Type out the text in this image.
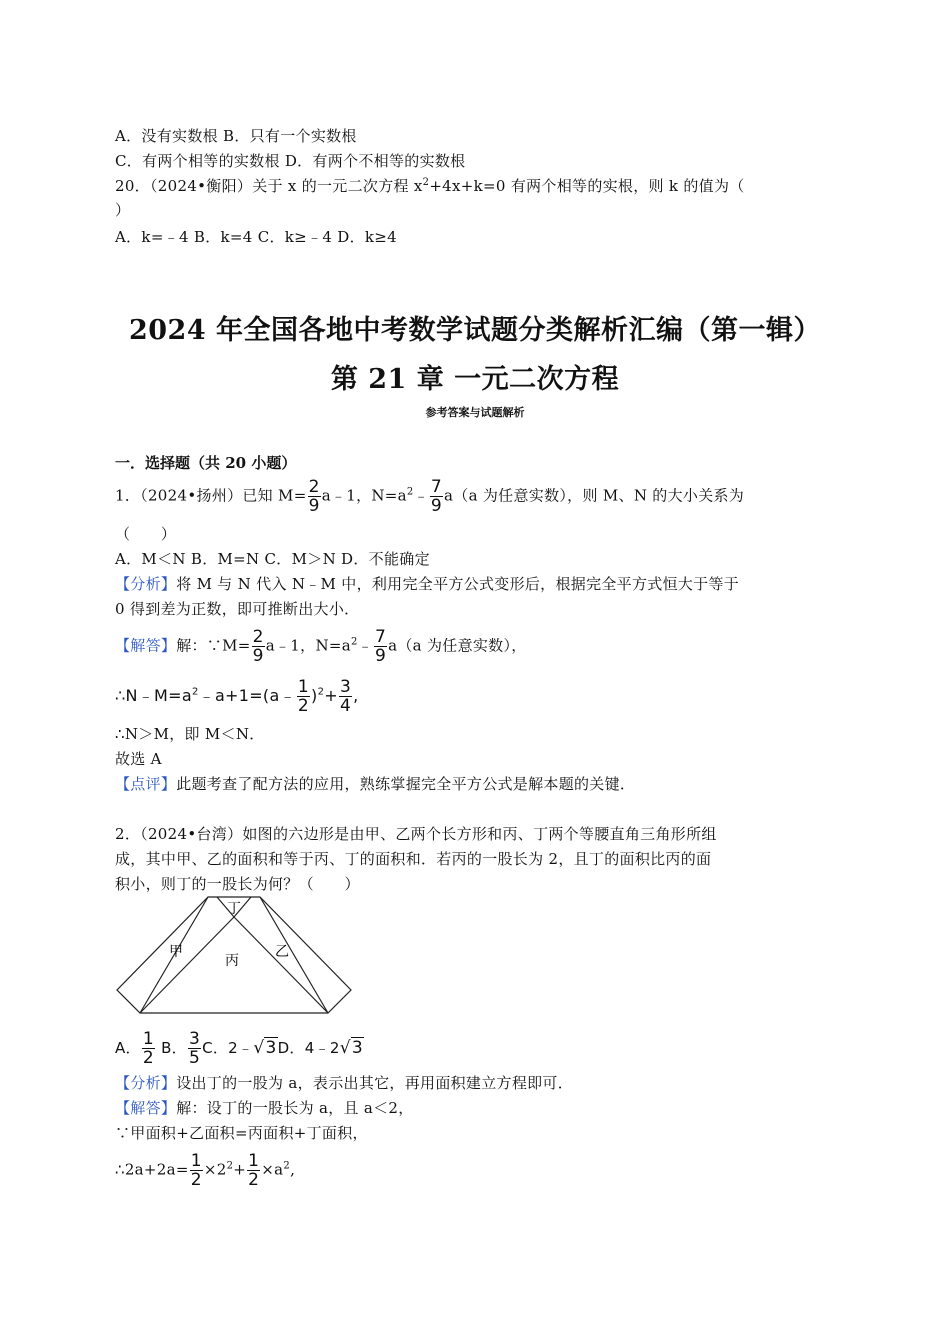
A．没有实数根 B．只有一个实数根
C．有两个相等的实数根 D．有两个不相等的实数根
20．（2024•衡阳）关于 x 的一元二次方程 $x^2+4x+k=0$ 有两个相等的实根，则 k 的值为（
）
A．k=﹣4 B．k=4 C．k≥﹣4 D．k≥4
2024 年全国各地中考数学试题分类解析汇编（第一辑）
第 21 章 一元二次方程
参考答案与试题解析
一．选择题（共 20 小题）
1．（2024•扬州）已知 $M= \frac{2}{9}$ a﹣1，$N=a^2﹣ \frac{7}{9} a(a$ 为任意实数），则 M、N 的大小关系为
（　　）
A．M＜N B．M=N C．M＞N D．不能确定
【分析】将 M 与 N 代入 N﹣M 中，利用完全平方公式变形后，根据完全平方式恒大于等于
0 得到差为正数，即可推断出大小．
【解答】解：∵M= $\frac{2}{9}$ a﹣1，$N=a^2﹣ \frac{7}{9} a(a$ 为任意实数），
$\therefore N﹣M=a^2﹣a+1=(a﹣ \frac{1}{2} )^2+ \frac{3}{4}$ ,
∴N＞M，即 M＜N．
故选 A
【点评】此题考查了配方法的应用，熟练掌握完全平方公式是解本题的关键．
2．（2024•台湾）如图的六边形是由甲、乙两个长方形和丙、丁两个等腰直角三角形所组
成，其中甲、乙的面积和等于丙、丁的面积和．若丙的一股长为 2，且丁的面积比丙的面
积小，则丁的一股长为何？（　　）
丁
甲
丙
乙
A． $\frac{1}{2}$ B． $\frac{3}{5}$ C．2﹣√3D．4﹣2√3
【分析】设出丁的一股为 a，表示出其它，再用面积建立方程即可．
【解答】解：设丁的一股长为 a，且 a＜2，
∵甲面积+乙面积=丙面积+丁面积，
∴2a+2a= $\frac{1}{2} \times 2^2+ \frac{1}{2} \times a^2$,
